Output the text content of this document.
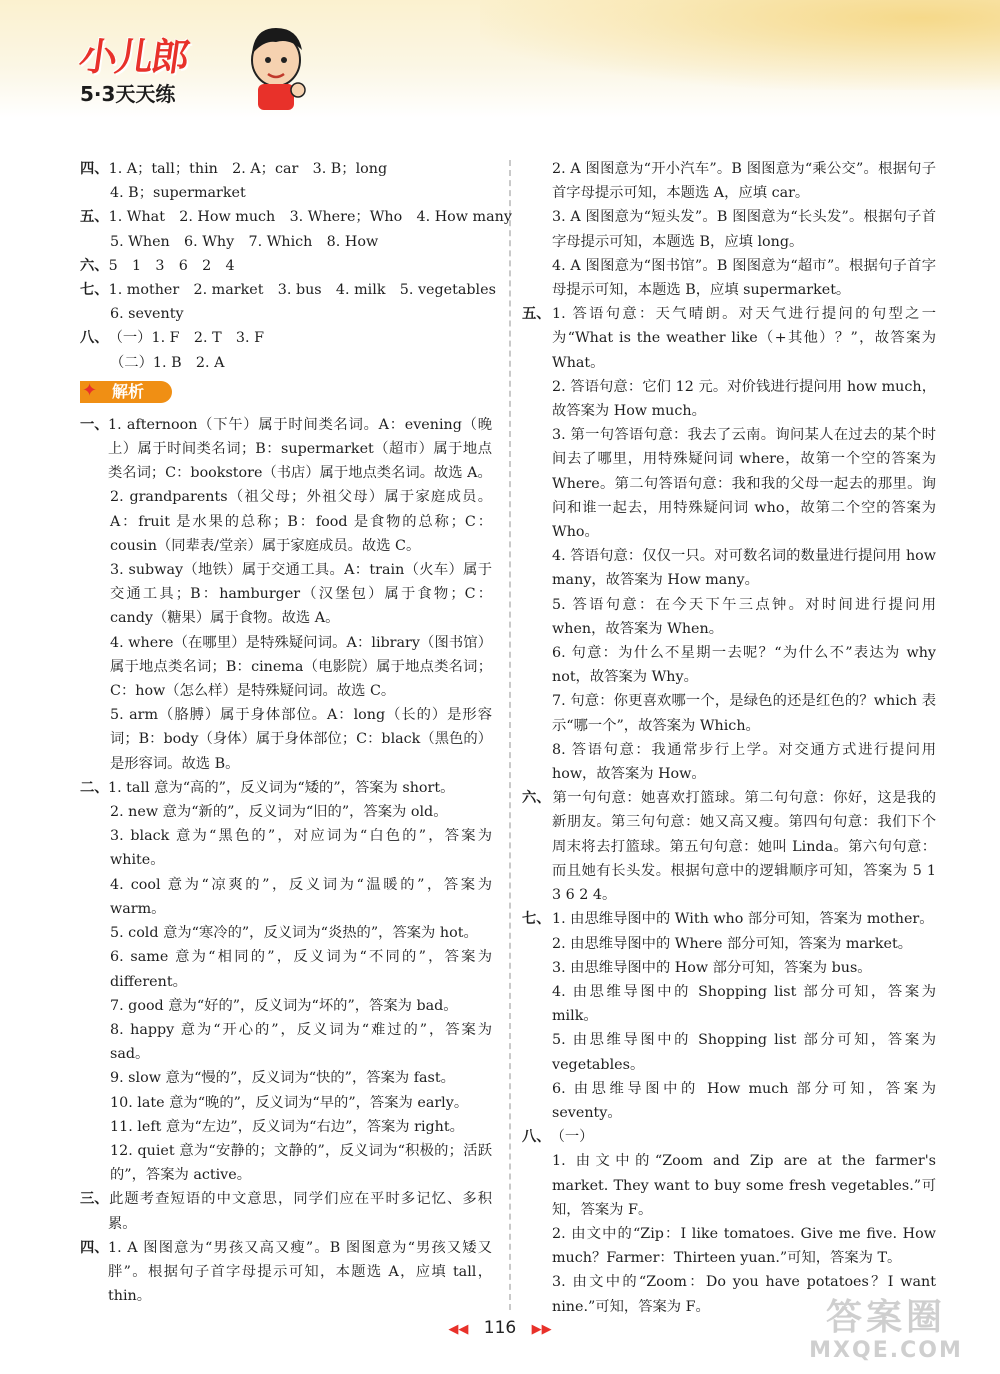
小儿郎
5·3天天练
四、1. A；tall；thin　2. A；car　3. B；long
4. B；supermarket
五、1. What　2. How much　3. Where；Who　4. How many
5. When　6. Why　7. Which　8. How
六、5　1　3　6　2　4
七、1. mother　2. market　3. bus　4. milk　5. vegetables
6. seventy
八、（一）1. F　2. T　3. F
（二）1. B　2. A
✦ 解析
一、1. afternoon（下午）属于时间类名词。A：evening（晚上）属于时间类名词；B：supermarket（超市）属于地点类名词；C：bookstore（书店）属于地点类名词。故选 A。
2. grandparents（祖父母；外祖父母）属于家庭成员。A：fruit 是水果的总称；B：food 是食物的总称；C：cousin（同辈表/堂亲）属于家庭成员。故选 C。
3. subway（地铁）属于交通工具。A：train（火车）属于交通工具；B：hamburger（汉堡包）属于食物；C：candy（糖果）属于食物。故选 A。
4. where（在哪里）是特殊疑问词。A：library（图书馆）属于地点类名词；B：cinema（电影院）属于地点类名词；C：how（怎么样）是特殊疑问词。故选 C。
5. arm（胳膊）属于身体部位。A：long（长的）是形容词；B：body（身体）属于身体部位；C：black（黑色的）是形容词。故选 B。
二、1. tall 意为“高的”，反义词为“矮的”，答案为 short。
2. new 意为“新的”，反义词为“旧的”，答案为 old。
3. black 意为“黑色的”，对应词为“白色的”，答案为 white。
4. cool 意为“凉爽的”，反义词为“温暖的”，答案为 warm。
5. cold 意为“寒冷的”，反义词为“炎热的”，答案为 hot。
6. same 意为“相同的”，反义词为“不同的”，答案为 different。
7. good 意为“好的”，反义词为“坏的”，答案为 bad。
8. happy 意为“开心的”，反义词为“难过的”，答案为 sad。
9. slow 意为“慢的”，反义词为“快的”，答案为 fast。
10. late 意为“晚的”，反义词为“早的”，答案为 early。
11. left 意为“左边”，反义词为“右边”，答案为 right。
12. quiet 意为“安静的；文静的”，反义词为“积极的；活跃的”，答案为 active。
三、此题考查短语的中文意思，同学们应在平时多记忆、多积累。
四、1. A 图图意为“男孩又高又瘦”。B 图图意为“男孩又矮又胖”。根据句子首字母提示可知，本题选 A，应填 tall，thin。
2. A 图图意为“开小汽车”。B 图图意为“乘公交”。根据句子首字母提示可知，本题选 A，应填 car。
3. A 图图意为“短头发”。B 图图意为“长头发”。根据句子首字母提示可知，本题选 B，应填 long。
4. A 图图意为“图书馆”。B 图图意为“超市”。根据句子首字母提示可知，本题选 B，应填 supermarket。
五、1. 答语句意：天气晴朗。对天气进行提问的句型之一为“What is the weather like（+其他）？”，故答案为 What。
2. 答语句意：它们 12 元。对价钱进行提问用 how much，故答案为 How much。
3. 第一句答语句意：我去了云南。询问某人在过去的某个时间去了哪里，用特殊疑问词 where，故第一个空的答案为 Where。第二句答语句意：我和我的父母一起去的那里。询问和谁一起去，用特殊疑问词 who，故第二个空的答案为 Who。
4. 答语句意：仅仅一只。对可数名词的数量进行提问用 how many，故答案为 How many。
5. 答语句意：在今天下午三点钟。对时间进行提问用 when，故答案为 When。
6. 句意：为什么不星期一去呢？“为什么不”表达为 why not，故答案为 Why。
7. 句意：你更喜欢哪一个，是绿色的还是红色的？which 表示“哪一个”，故答案为 Which。
8. 答语句意：我通常步行上学。对交通方式进行提问用 how，故答案为 How。
六、第一句句意：她喜欢打篮球。第二句句意：你好，这是我的新朋友。第三句句意：她又高又瘦。第四句句意：我们下个周末将去打篮球。第五句句意：她叫 Linda。第六句句意：而且她有长头发。根据句意中的逻辑顺序可知，答案为 5 1 3 6 2 4。
七、1. 由思维导图中的 With who 部分可知，答案为 mother。
2. 由思维导图中的 Where 部分可知，答案为 market。
3. 由思维导图中的 How 部分可知，答案为 bus。
4. 由思维导图中的 Shopping list 部分可知，答案为 milk。
5. 由思维导图中的 Shopping list 部分可知，答案为 vegetables。
6. 由思维导图中的 How much 部分可知，答案为 seventy。
八、（一）
1. 由文中的“Zoom and Zip are at the farmer's market. They want to buy some fresh vegetables.”可知，答案为 F。
2. 由文中的“Zip：I like tomatoes. Give me five. How much？Farmer：Thirteen yuan.”可知，答案为 T。
3. 由文中的“Zoom：Do you have potatoes？I want nine.”可知，答案为 F。
◀◀ 116 ▶▶	答案圈
MXQE.COM
